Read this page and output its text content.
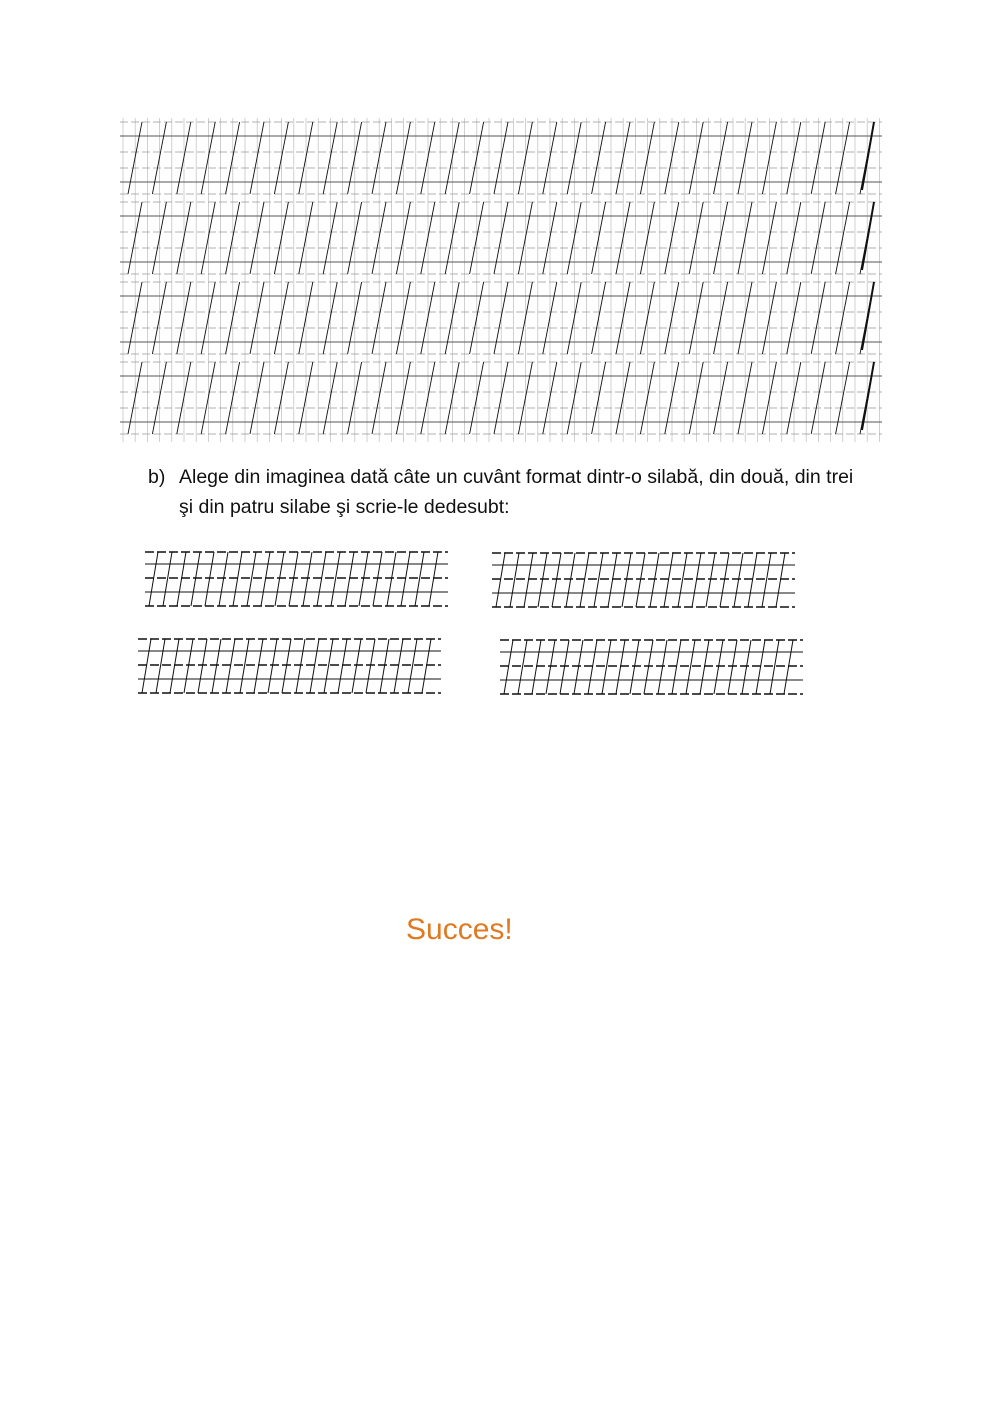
b) Alege din imaginea dată câte un cuvânt format dintr-o silabă, din două, din trei şi din patru silabe şi scrie-le dedesubt:
Succes!
